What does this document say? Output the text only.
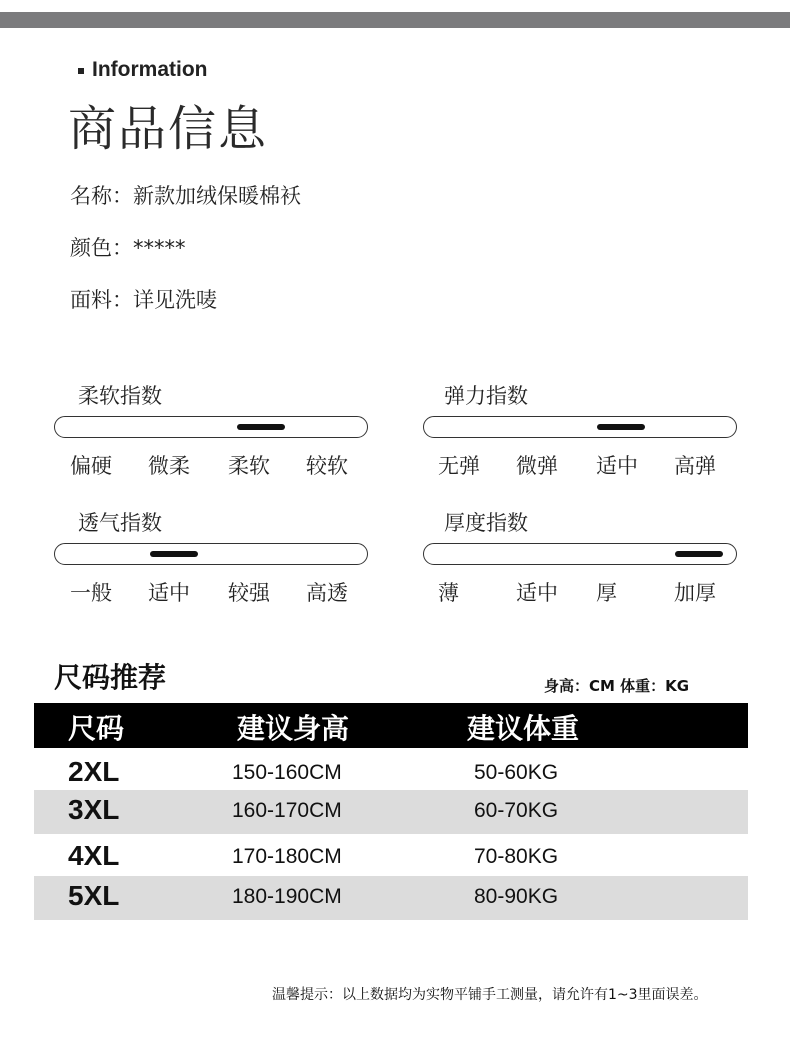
Information
商品信息
名称：新款加绒保暖棉袄
颜色：*****
面料：详见洗唛
柔软指数
偏硬 微柔 柔软 较软
弹力指数
无弹 微弹 适中 高弹
透气指数
一般 适中 较强 高透
厚度指数
薄	适中 厚	加厚
尺码推荐	身高：CM 体重：KG
尺码	建议身高	建议体重
2XL	150-160CM	50-60KG
3XL	160-170CM	60-70KG
4XL	170-180CM	70-80KG
5XL	180-190CM	80-90KG
温馨提示：以上数据均为实物平铺手工测量，请允许有1~3里面误差。
